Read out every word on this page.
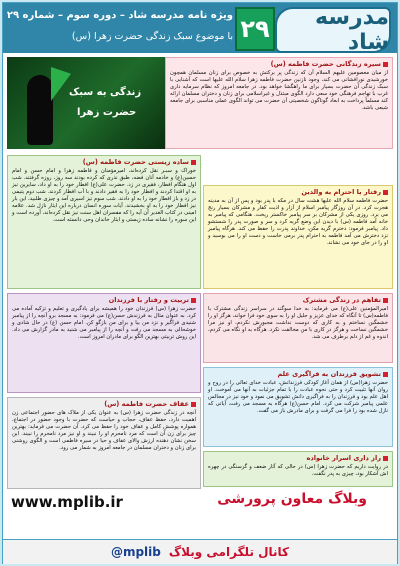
مدرسه شاد
۲۹
ویژه نامه مدرسه شاد – دوره سوم – شماره ۲۹
با موضوع سبک زندگی حضرت زهرا (س)
سیره زندگانی حضرت فاطمه (س)

از میان معصومین علیهم السلام آن که زندگی پر برکتش به خصوص برای زنان مسلمان همچون خورشیدی نورافشانی می کند، وجود نازنین حضرت فاطمه زهرا سلام الله علیها است که آشنایی با سبک زندگی آن حضرت بسیار برای ما راهگشا خواهد بود. در جامعه امروز که نظام سرمایه داری غرب با تهاجم فرهنگی خود سعی دارد الگوی مبتذل و غیراسلامی برای زنان و دختران مسلمان ارائه کند مسلماً پرداخت به ابعاد گوناگون شخصیتی آن حضرت می تواند الگوی عملی مناسبی برای جامعه شیعی باشد.

زندگی به سبک
حضرت زهرا
ساده زیستی حضرت فاطمه (س)

خوراک و سبـر نقل کرده‌اند، امیرمؤمنان و فاطمه زهرا و امام حسن و امام حسین(ع) و خادمه آنان فضه، طبق نذری که کرده بودند سه روز، روزه گرفتند. شب اول هنگام افطار، فقیری در زد. حضرت علی(ع) افطار خود را به او داد، سایرین نیز به او اقتدا کردند و افطار خود را به فقیر دادند و با آب افطار کردند. شب دوم یتیمی در زد و باز افطار خود را به او دادند. شب سوم نیز اسیری آمد و چیزی طلبید، این بار نیز افطار خود را به او بخشیدند. آیات سوره انسان درباره این ایثار نازل شد. علامه امینی در کتاب الغدیر آن آیه را که مفسران اهل سنت نیز نقل کرده‌اند، آورده است و این سوره را نشانه ساده زیستی و ایثار خاندان وحی دانسته است.

تربیت و رفتار با فرزندان

حضرت زهرا (س) فرزندان خود را همیشه برای یادگیری و تعلیم و تزکیه آماده می کرد. به عنوان مثال به فرزندش حسن(ع) می فرمود: به مسجد برو آنچه را از پیامبر شنیدی فراگیر و نزد من بیا و برای من بازگو کن. امام حسن (ع) در حال شادی و خوشحالی به مسجد می رفت و آنچه را از پیامبر می شنید به مادر گزارش می داد. این روش تربیتی بهترین الگو برای مادران امروز است.

عفاف حضرت فاطمه (س)

آنچه در زندگی حضرت زهرا (س) به عنوان یکی از ملاک های حضور اجتماعی زن اهمیت دارد، حفظ عفاف، حجاب و حیاست که حضرت با وجود حضور در اجتماع، همواره پوشش کامل و عفاف خود را حفظ می کرد. آن حضرت می فرماید: بهترین چیز برای زن آن است که مرد نامحرم او را نبیند و او نیز مرد نامحرم را نبیند. این سخن نشان دهنده ارزش والای عفاف و حیا در سیره فاطمی است و الگوی روشنی برای زنان و دختران مسلمان در جامعه امروز به شمار می رود.

رفتار با احترام به والدین

حضرت فاطمه سلام الله علیها هشت سال در مکه با پدر بود و پس از آن به مدینه هجرت کرد. در آن روزگار پیامبر اسلام از آزار و اذیت کفار و مشرکان بسیار رنج می برد. روزی یکی از مشرکان بر سر پیامبر خاکستر ریخت. هنگامی که پیامبر به خانه آمد فاطمه (س) با دیدن این وضع گریه کرد و سر و صورت پدر را شستشو داد. پیامبر فرمود: دخترم گریه مکن، خداوند پدرت را حفظ می کند. هرگاه پیامبر نزد دخترش می آمد فاطمه به احترام پدر برمی خاست و دست او را می بوسید و او را در جای خود می نشاند.

تفاهم در زندگی مشترک

امیرالمؤمنین علی(ع) می فرماید: به خدا سوگند در سراسر زندگی مشترک با فاطمه(س) تا آنگاه که خدای عزیز و جلیل او را به سوی خود فرا خواند، هرگز او را خشمگین نساختم و به کاری که دوست نداشت مجبورش نکردم، او نیز مرا خشمگین نساخت و هرگز در کاری با من مخالفت نکرد. هرگاه به او نگاه می کردم، اندوه و غم از دلم برطرف می شد.

تشویق فرزندان به فراگیری علم

حضرت زهرا(س) از همان آغاز کودکی فرزندانش، عبادت خدای تعالی را در روح و روان آنها تثبیت کرد و حتی نحوه عبادت را با تمام جزئیات به آنها می آموخت. او اهل علم بود و فرزندان را به فراگیری دانش تشویق می نمود و خود نیز در مجالس علمی پیامبر شرکت می کرد. امام حسن(ع) هرگاه به مسجد می رفت، آیاتی که نازل شده بود را فرا می گرفت و برای مادرش باز می گفت.

راز داری اسرار خانواده

در روایت داریم که حضرت زهرا (س) در حالی که آثار ضعف و گرسنگی در چهره اش آشکار بود، چیزی به پدر نگفت.

www.mplib.ir	وبلاگ معاون پرورشی
کانال تلگرامی وبلاگ
@mplib
